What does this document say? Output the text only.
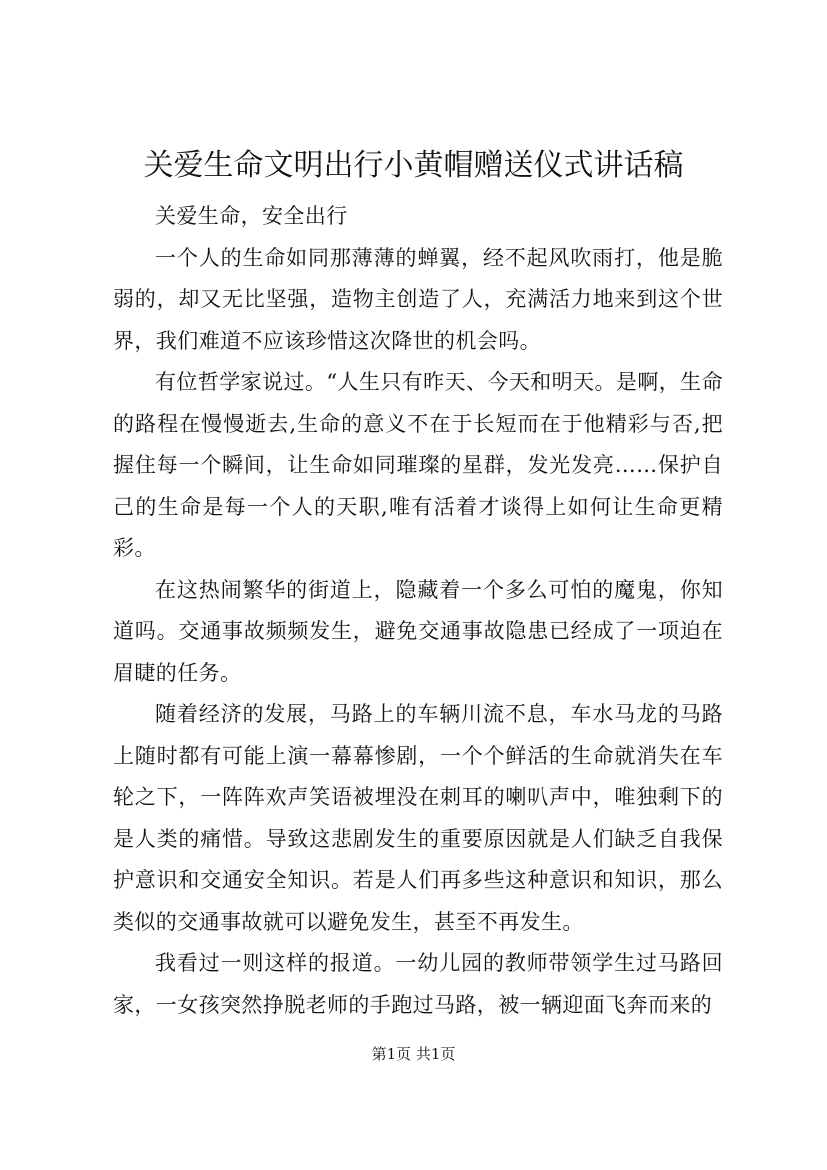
关爱生命文明出行小黄帽赠送仪式讲话稿

关爱生命，安全出行

一个人的生命如同那薄薄的蝉翼，经不起风吹雨打，他是脆弱的，却又无比坚强，造物主创造了人，充满活力地来到这个世界，我们难道不应该珍惜这次降世的机会吗。

有位哲学家说过。“人生只有昨天、今天和明天。是啊，生命的路程在慢慢逝去,生命的意义不在于长短而在于他精彩与否,把握住每一个瞬间，让生命如同璀璨的星群，发光发亮……保护自己的生命是每一个人的天职,唯有活着才谈得上如何让生命更精彩。

在这热闹繁华的街道上，隐藏着一个多么可怕的魔鬼，你知道吗。交通事故频频发生，避免交通事故隐患已经成了一项迫在眉睫的任务。

随着经济的发展，马路上的车辆川流不息，车水马龙的马路上随时都有可能上演一幕幕惨剧，一个个鲜活的生命就消失在车轮之下，一阵阵欢声笑语被埋没在刺耳的喇叭声中，唯独剩下的是人类的痛惜。导致这悲剧发生的重要原因就是人们缺乏自我保护意识和交通安全知识。若是人们再多些这种意识和知识，那么类似的交通事故就可以避免发生，甚至不再发生。

我看过一则这样的报道。一幼儿园的教师带领学生过马路回家，一女孩突然挣脱老师的手跑过马路，被一辆迎面飞奔而来的

第1页 共1页
